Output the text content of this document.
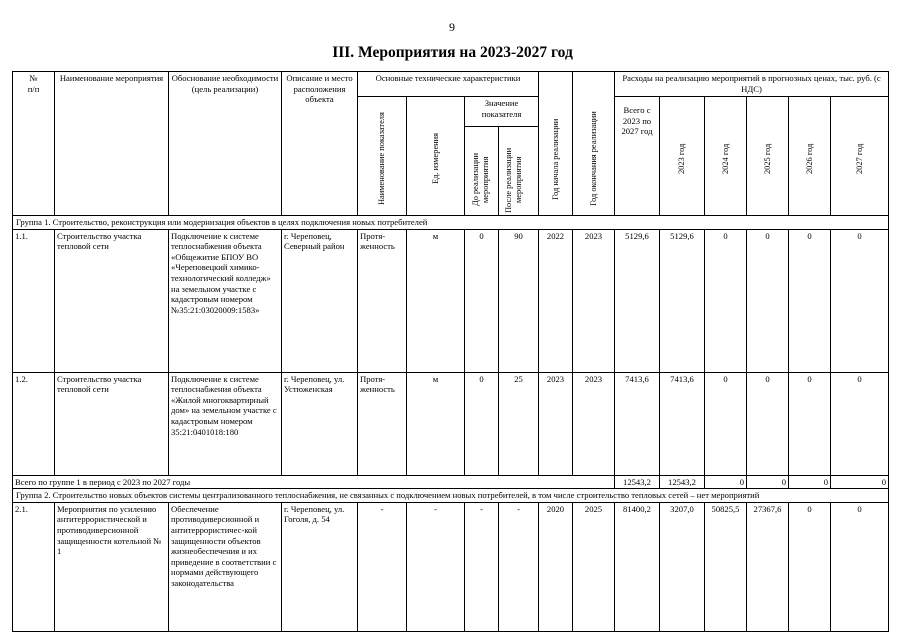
9
III. Мероприятия на 2023-2027 год
№
п/п	Наименование мероприятия	Обоснование необходимости (цель реализации)	Описание и место расположения объекта	Основные технические характеристики				Год начала реализации	Год окончания реализации	Расходы на реализацию мероприятий в прогнозных ценах, тыс. руб. (с НДС)					

				Наименование показателя	Ед. измерения	Значение показателя				Всего с 2023 по 2027 год	2023 год	2024 год	2025 год	2026 год	2027 год

						До реализации мероприятия	После реализации мероприятия								

Группа 1. Строительство, реконструкция или модернизация объектов в целях подключения новых потребителей															
1.1.	Строительство участка тепловой сети	Подключение к системе теплоснабжения объекта «Общежитие БПОУ ВО «Череповецкий химико-технологический колледж» на земельном участке с кадастровым номером №35:21:03020009:1583»	г. Череповец, Северный район	Протя-женность	м	0	90	2022	2023	5129,6	5129,6	0	0	0	0
1.2.	Строительство участка тепловой сети	Подключение к системе теплоснабжения объекта «Жилой многоквартирный дом» на земельном участке с кадастровым номером 35:21:0401018:180	г. Череповец, ул. Устюженская	Протя-женность	м	0	25	2023	2023	7413,6	7413,6	0	0	0	0
Всего по группе 1 в период с 2023 по 2027 годы										12543,2	12543,2	0	0	0	0
Группа 2. Строительство новых объектов системы централизованного теплоснабжения, не связанных с подключением новых потребителей, в том числе строительство тепловых сетей – нет мероприятий															
2.1.	Мероприятия по усилению антитеррористической и противодиверсионной защищенности котельной № 1	Обеспечение противодиверсионной и антитеррористичес-кой защищенности объектов жизнеобеспечения и их приведение в соответствии с нормами действующего законодательства	г. Череповец, ул. Гоголя, д. 54	-	-	-	-	2020	2025	81400,2	3207,0	50825,5	27367,6	0	0
